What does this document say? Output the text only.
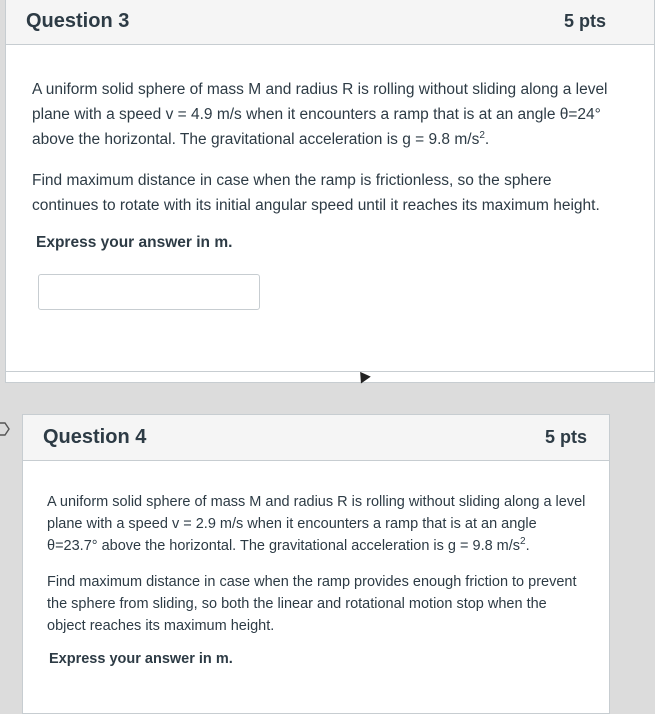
Question 3	5 pts

A uniform solid sphere of mass M and radius R is rolling without sliding along a level plane with a speed v = 4.9 m/s when it encounters a ramp that is at an angle θ=24° above the horizontal. The gravitational acceleration is g = 9.8 $m/s^2$.

Find maximum distance in case when the ramp is frictionless, so the sphere continues to rotate with its initial angular speed until it reaches its maximum height.

Express your answer in m.
Question 4	5 pts

A uniform solid sphere of mass M and radius R is rolling without sliding along a level plane with a speed v = 2.9 m/s when it encounters a ramp that is at an angle θ=23.7° above the horizontal. The gravitational acceleration is g = 9.8 $m/s^2$.

Find maximum distance in case when the ramp provides enough friction to prevent the sphere from sliding, so both the linear and rotational motion stop when the object reaches its maximum height.

Express your answer in m.
